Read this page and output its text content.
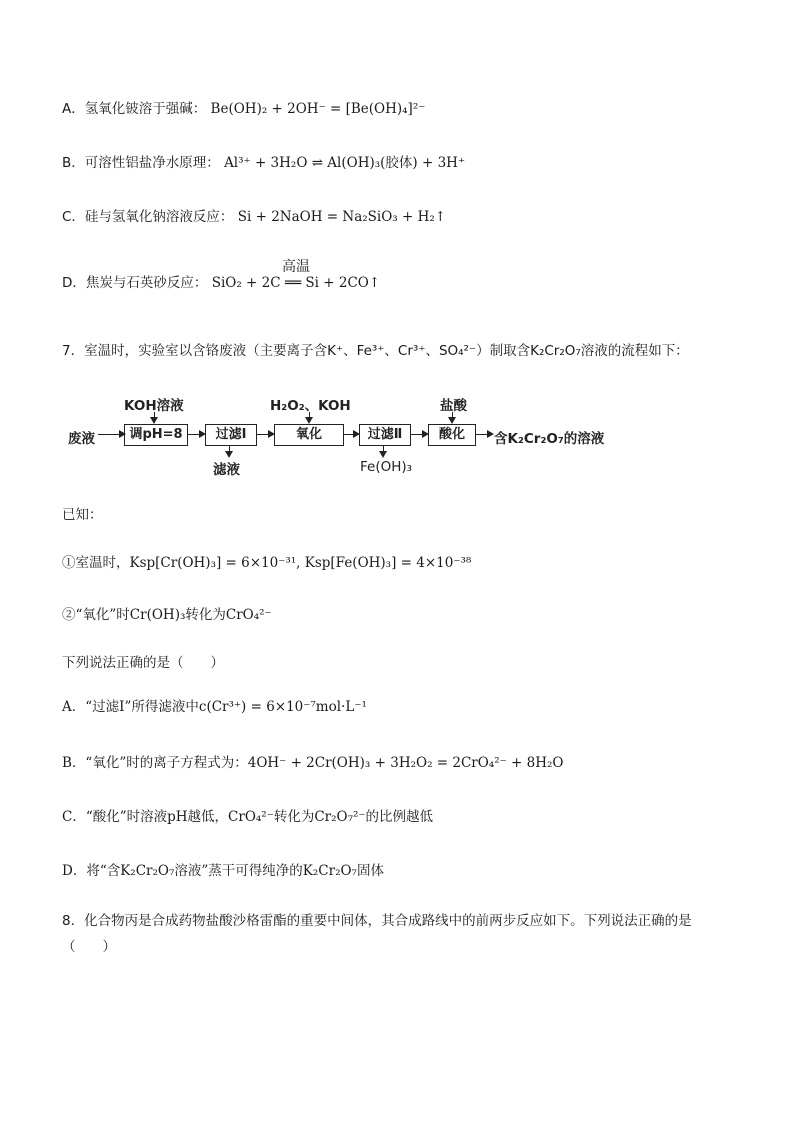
A．氢氧化铍溶于强碱： Be(OH)₂ + 2OH⁻ = [Be(OH)₄]²⁻
B．可溶性铝盐净水原理： Al³⁺ + 3H₂O ⇌ Al(OH)₃(胶体) + 3H⁺
C．硅与氢氧化钠溶液反应： Si + 2NaOH = Na₂SiO₃ + H₂↑
D．焦炭与石英砂反应： SiO₂ + 2C ══ Si + 2CO↑
高温
7．室温时，实验室以含铬废液（主要离子含K⁺、Fe³⁺、Cr³⁺、SO₄²⁻）制取含K₂Cr₂O₇溶液的流程如下：
废液
KOH溶液
调pH=8	过滤Ⅰ
滤液
H₂O₂、KOH
氧化	过滤Ⅱ
Fe(OH)₃
盐酸
酸化	含K₂Cr₂O₇的溶液
已知：
①室温时，Ksp[Cr(OH)₃] = 6×10⁻³¹, Ksp[Fe(OH)₃] = 4×10⁻³⁸
②“氧化”时Cr(OH)₃转化为CrO₄²⁻
下列说法正确的是（　　）
A．“过滤Ⅰ”所得滤液中c(Cr³⁺) = 6×10⁻⁷mol·L⁻¹
B．“氧化”时的离子方程式为：4OH⁻ + 2Cr(OH)₃ + 3H₂O₂ = 2CrO₄²⁻ + 8H₂O
C．“酸化”时溶液pH越低，CrO₄²⁻转化为Cr₂O₇²⁻的比例越低
D．将“含K₂Cr₂O₇溶液”蒸干可得纯净的K₂Cr₂O₇固体
8．化合物丙是合成药物盐酸沙格雷酯的重要中间体，其合成路线中的前两步反应如下。下列说法正确的是（　　）
